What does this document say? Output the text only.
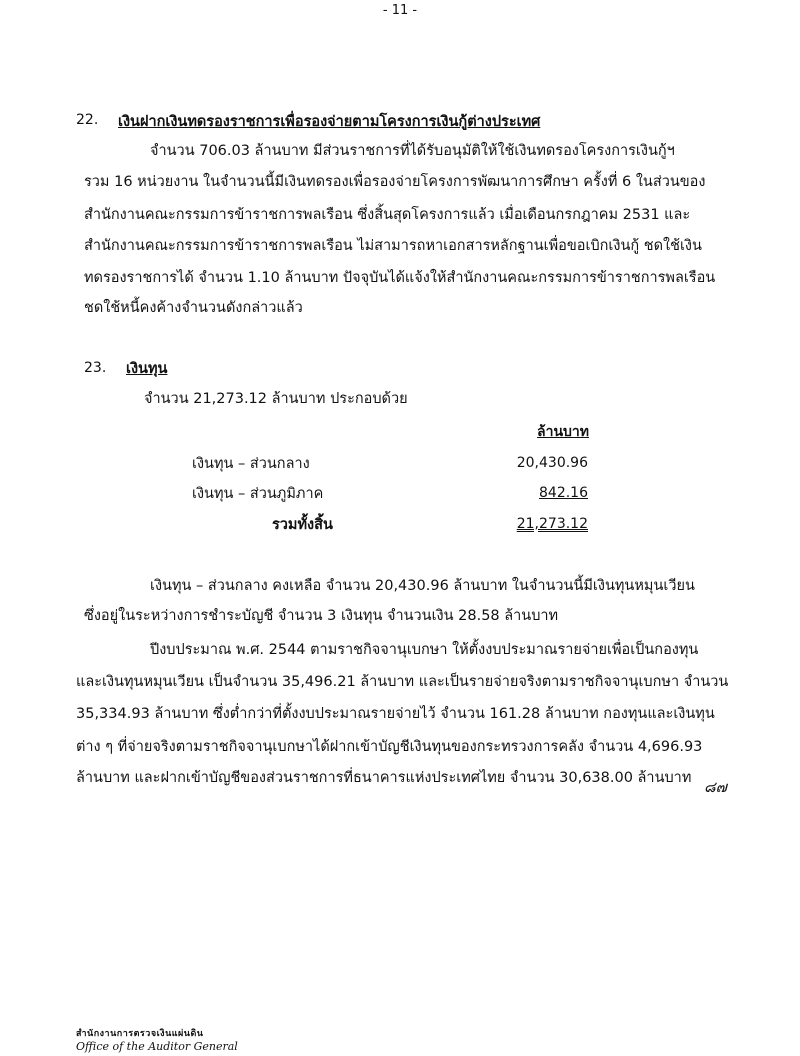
- 11 -
22. เงินฝากเงินทดรองราชการเพื่อรองจ่ายตามโครงการเงินกู้ต่างประเทศ
จำนวน 706.03 ล้านบาท มีส่วนราชการที่ได้รับอนุมัติให้ใช้เงินทดรองโครงการเงินกู้ฯ
รวม 16 หน่วยงาน ในจำนวนนี้มีเงินทดรองเพื่อรองจ่ายโครงการพัฒนาการศึกษา ครั้งที่ 6 ในส่วนของ
สำนักงานคณะกรรมการข้าราชการพลเรือน ซึ่งสิ้นสุดโครงการแล้ว เมื่อเดือนกรกฎาคม 2531 และ
สำนักงานคณะกรรมการข้าราชการพลเรือน ไม่สามารถหาเอกสารหลักฐานเพื่อขอเบิกเงินกู้ ชดใช้เงิน
ทดรองราชการได้ จำนวน 1.10 ล้านบาท ปัจจุบันได้แจ้งให้สำนักงานคณะกรรมการข้าราชการพลเรือน
ชดใช้หนี้คงค้างจำนวนดังกล่าวแล้ว
23. เงินทุน
จำนวน 21,273.12 ล้านบาท ประกอบด้วย
ล้านบาท
เงินทุน – ส่วนกลาง	20,430.96
เงินทุน – ส่วนภูมิภาค	842.16
รวมทั้งสิ้น	21,273.12
เงินทุน – ส่วนกลาง คงเหลือ จำนวน 20,430.96 ล้านบาท ในจำนวนนี้มีเงินทุนหมุนเวียน
ซึ่งอยู่ในระหว่างการชำระบัญชี จำนวน 3 เงินทุน จำนวนเงิน 28.58 ล้านบาท
ปีงบประมาณ พ.ศ. 2544 ตามราชกิจจานุเบกษา ให้ตั้งงบประมาณรายจ่ายเพื่อเป็นกองทุน
และเงินทุนหมุนเวียน เป็นจำนวน 35,496.21 ล้านบาท และเป็นรายจ่ายจริงตามราชกิจจานุเบกษา จำนวน
35,334.93 ล้านบาท ซึ่งต่ำกว่าที่ตั้งงบประมาณรายจ่ายไว้ จำนวน 161.28 ล้านบาท กองทุนและเงินทุน
ต่าง ๆ ที่จ่ายจริงตามราชกิจจานุเบกษาได้ฝากเข้าบัญชีเงินทุนของกระทรวงการคลัง จำนวน 4,696.93
ล้านบาท และฝากเข้าบัญชีของส่วนราชการที่ธนาคารแห่งประเทศไทย จำนวน 30,638.00 ล้านบาท ๘๗
สำนักงานการตรวจเงินแผ่นดิน
Office of the Auditor General
